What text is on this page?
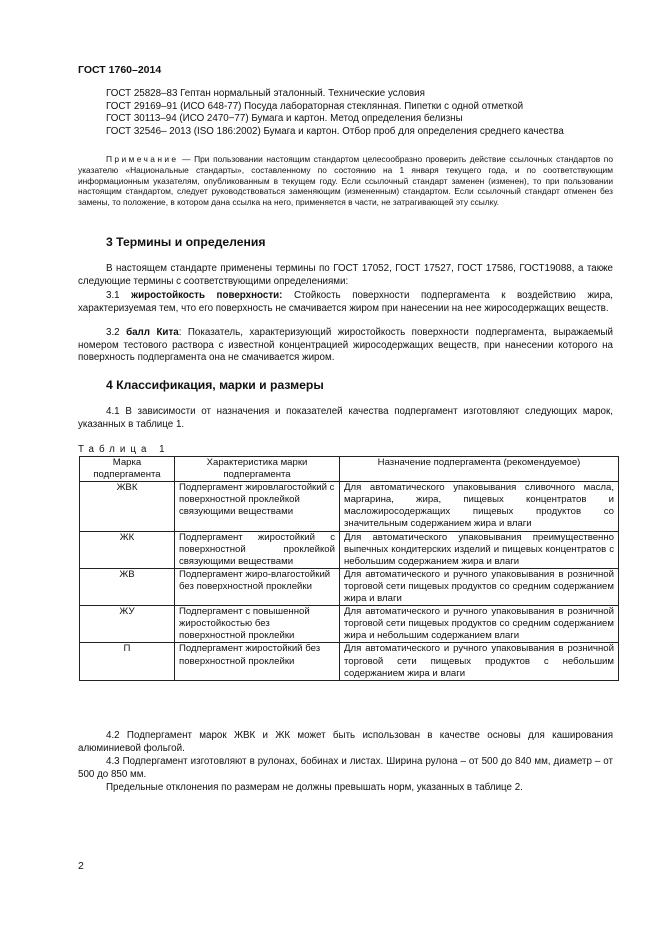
ГОСТ 1760–2014
ГОСТ 25828–83 Гептан нормальный эталонный. Технические условия
ГОСТ 29169–91 (ИСО 648-77) Посуда лабораторная стеклянная. Пипетки с одной отметкой
ГОСТ 30113–94 (ИСО 2470−77) Бумага и картон. Метод определения белизны
ГОСТ 32546– 2013 (ISO 186:2002) Бумага и картон. Отбор проб для определения среднего качества
Примечание — При пользовании настоящим стандартом целесообразно проверить действие ссылочных стандартов по указателю «Национальные стандарты», составленному по состоянию на 1 января текущего года, и по соответствующим информационным указателям, опубликованным в текущем году. Если ссылочный стандарт заменен (изменен), то при пользовании настоящим стандартом, следует руководствоваться заменяющим (измененным) стандартом. Если ссылочный стандарт отменен без замены, то положение, в котором дана ссылка на него, применяется в части, не затрагивающей эту ссылку.
3 Термины и определения
В настоящем стандарте применены термины по ГОСТ 17052, ГОСТ 17527, ГОСТ 17586, ГОСТ19088, а также следующие термины с соответствующими определениями:
3.1 жиростойкость поверхности: Стойкость поверхности подпергамента к воздействию жира, характеризуемая тем, что его поверхность не смачивается жиром при нанесении на нее жиросодержащих веществ.
3.2 балл Кита: Показатель, характеризующий жиростойкость поверхности подпергамента, выражаемый номером тестового раствора с известной концентрацией жиросодержащих веществ, при нанесении которого на поверхность подпергамента она не смачивается жиром.
4 Классификация, марки и размеры
4.1 В зависимости от назначения и показателей качества подпергамент изготовляют следующих марок, указанных в таблице 1.
Таблица 1
Марка подпергамента	Характеристика марки подпергамента	Назначение подпергамента (рекомендуемое)
ЖВК	Подпергамент жировлагостойкий с поверхностной проклейкой связующими веществами	Для автоматического упаковывания сливочного масла, маргарина, жира, пищевых концентратов и масложиросодержащих пищевых продуктов со значительным содержанием жира и влаги
ЖК	Подпергамент жиростойкий с поверхностной проклейкой связующими веществами	Для автоматического упаковывания преимущественно выпечных кондитерских изделий и пищевых концентратов с небольшим содержанием жира и влаги
ЖВ	Подпергамент жиро-влагостойкий без поверхностной проклейки	Для автоматического и ручного упаковывания в розничной торговой сети пищевых продуктов со средним содержанием жира и влаги
ЖУ	Подпергамент с повышенной жиростойкостью без поверхностной проклейки	Для автоматического и ручного упаковывания в розничной торговой сети пищевых продуктов со средним содержанием жира и небольшим содержанием влаги
П	Подпергамент жиростойкий без поверхностной проклейки	Для автоматического и ручного упаковывания в розничной торговой сети пищевых продуктов с небольшим содержанием жира и влаги
4.2 Подпергамент марок ЖВК и ЖК может быть использован в качестве основы для каширования алюминиевой фольгой.
4.3 Подпергамент изготовляют в рулонах, бобинах и листах. Ширина рулона – от 500 до 840 мм, диаметр – от 500 до 850 мм.
Предельные отклонения по размерам не должны превышать норм, указанных в таблице 2.
2
